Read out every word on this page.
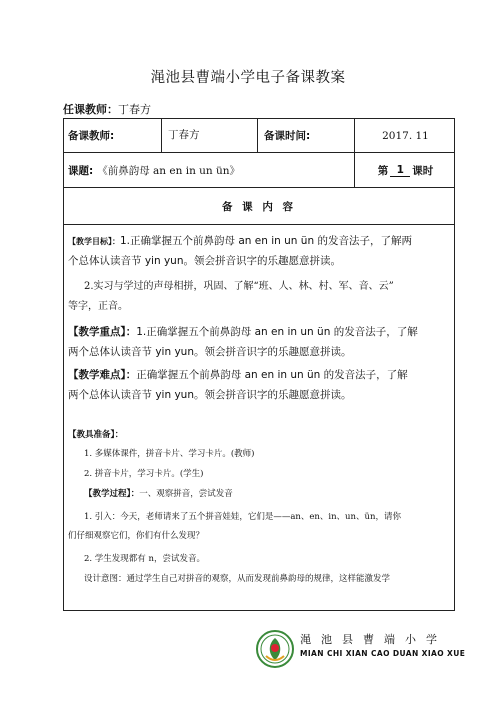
渑池县曹端小学电子备课教案
任课教师：丁春方
备课教师:	丁春方	备课时间:	2017. 11
课题: 《前鼻韵母 an en in un ün》	第 1 课时
备 课 内 容
【教学目标】：1.正确掌握五个前鼻韵母 an en in un ün 的发音法子，了解两
个总体认读音节 yin yun。领会拼音识字的乐趣愿意拼读。
2.实习与学过的声母相拼，巩固、了解“班、人、林、村、军、音、云”
等字，正音。
【教学重点】：1.正确掌握五个前鼻韵母 an en in un ün 的发音法子，了解
两个总体认读音节 yin yun。领会拼音识字的乐趣愿意拼读。
【教学难点】：正确掌握五个前鼻韵母 an en in un ün 的发音法子，了解
两个总体认读音节 yin yun。领会拼音识字的乐趣愿意拼读。
【教具准备】：
1. 多媒体课件，拼音卡片、学习卡片。(教师)
2. 拼音卡片，学习卡片。(学生)
【教学过程】：一、观察拼音，尝试发音
1. 引入：今天，老师请来了五个拼音娃娃，它们是——an、en、in、un、ün，请你
们仔细观察它们，你们有什么发现？
2. 学生发现都有 n，尝试发音。
设计意图：通过学生自己对拼音的观察，从而发现前鼻韵母的规律，这样能激发学
渑池县曹端小学
MIAN CHI XIAN CAO DUAN XIAO XUE
